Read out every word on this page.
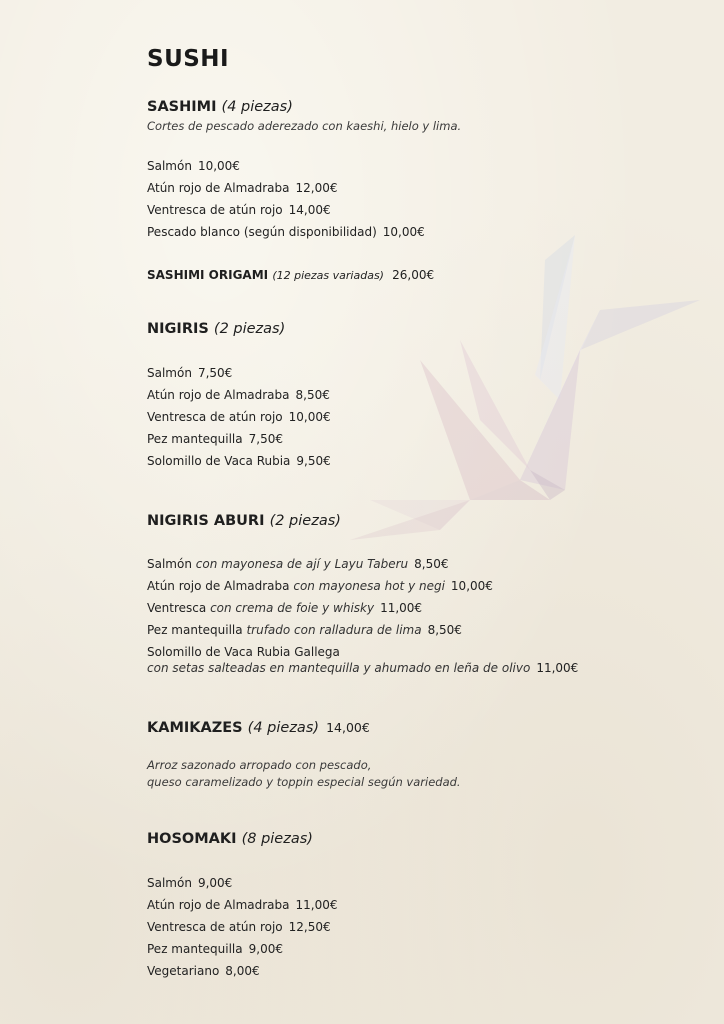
SUSHI
SASHIMI (4 piezas)
Cortes de pescado aderezado con kaeshi, hielo y lima.
Salmón 10,00€
Atún rojo de Almadraba 12,00€
Ventresca de atún rojo 14,00€
Pescado blanco (según disponibilidad) 10,00€
SASHIMI ORIGAMI (12 piezas variadas) 26,00€
NIGIRIS (2 piezas)
Salmón 7,50€
Atún rojo de Almadraba 8,50€
Ventresca de atún rojo 10,00€
Pez mantequilla 7,50€
Solomillo de Vaca Rubia 9,50€
NIGIRIS ABURI (2 piezas)
Salmón con mayonesa de ají y Layu Taberu 8,50€
Atún rojo de Almadraba con mayonesa hot y negi 10,00€
Ventresca con crema de foie y whisky 11,00€
Pez mantequilla trufado con ralladura de lima 8,50€
Solomillo de Vaca Rubia Gallega
con setas salteadas en mantequilla y ahumado en leña de olivo 11,00€
KAMIKAZES (4 piezas) 14,00€
Arroz sazonado arropado con pescado,
queso caramelizado y toppin especial según variedad.
HOSOMAKI (8 piezas)
Salmón 9,00€
Atún rojo de Almadraba 11,00€
Ventresca de atún rojo 12,50€
Pez mantequilla 9,00€
Vegetariano 8,00€
